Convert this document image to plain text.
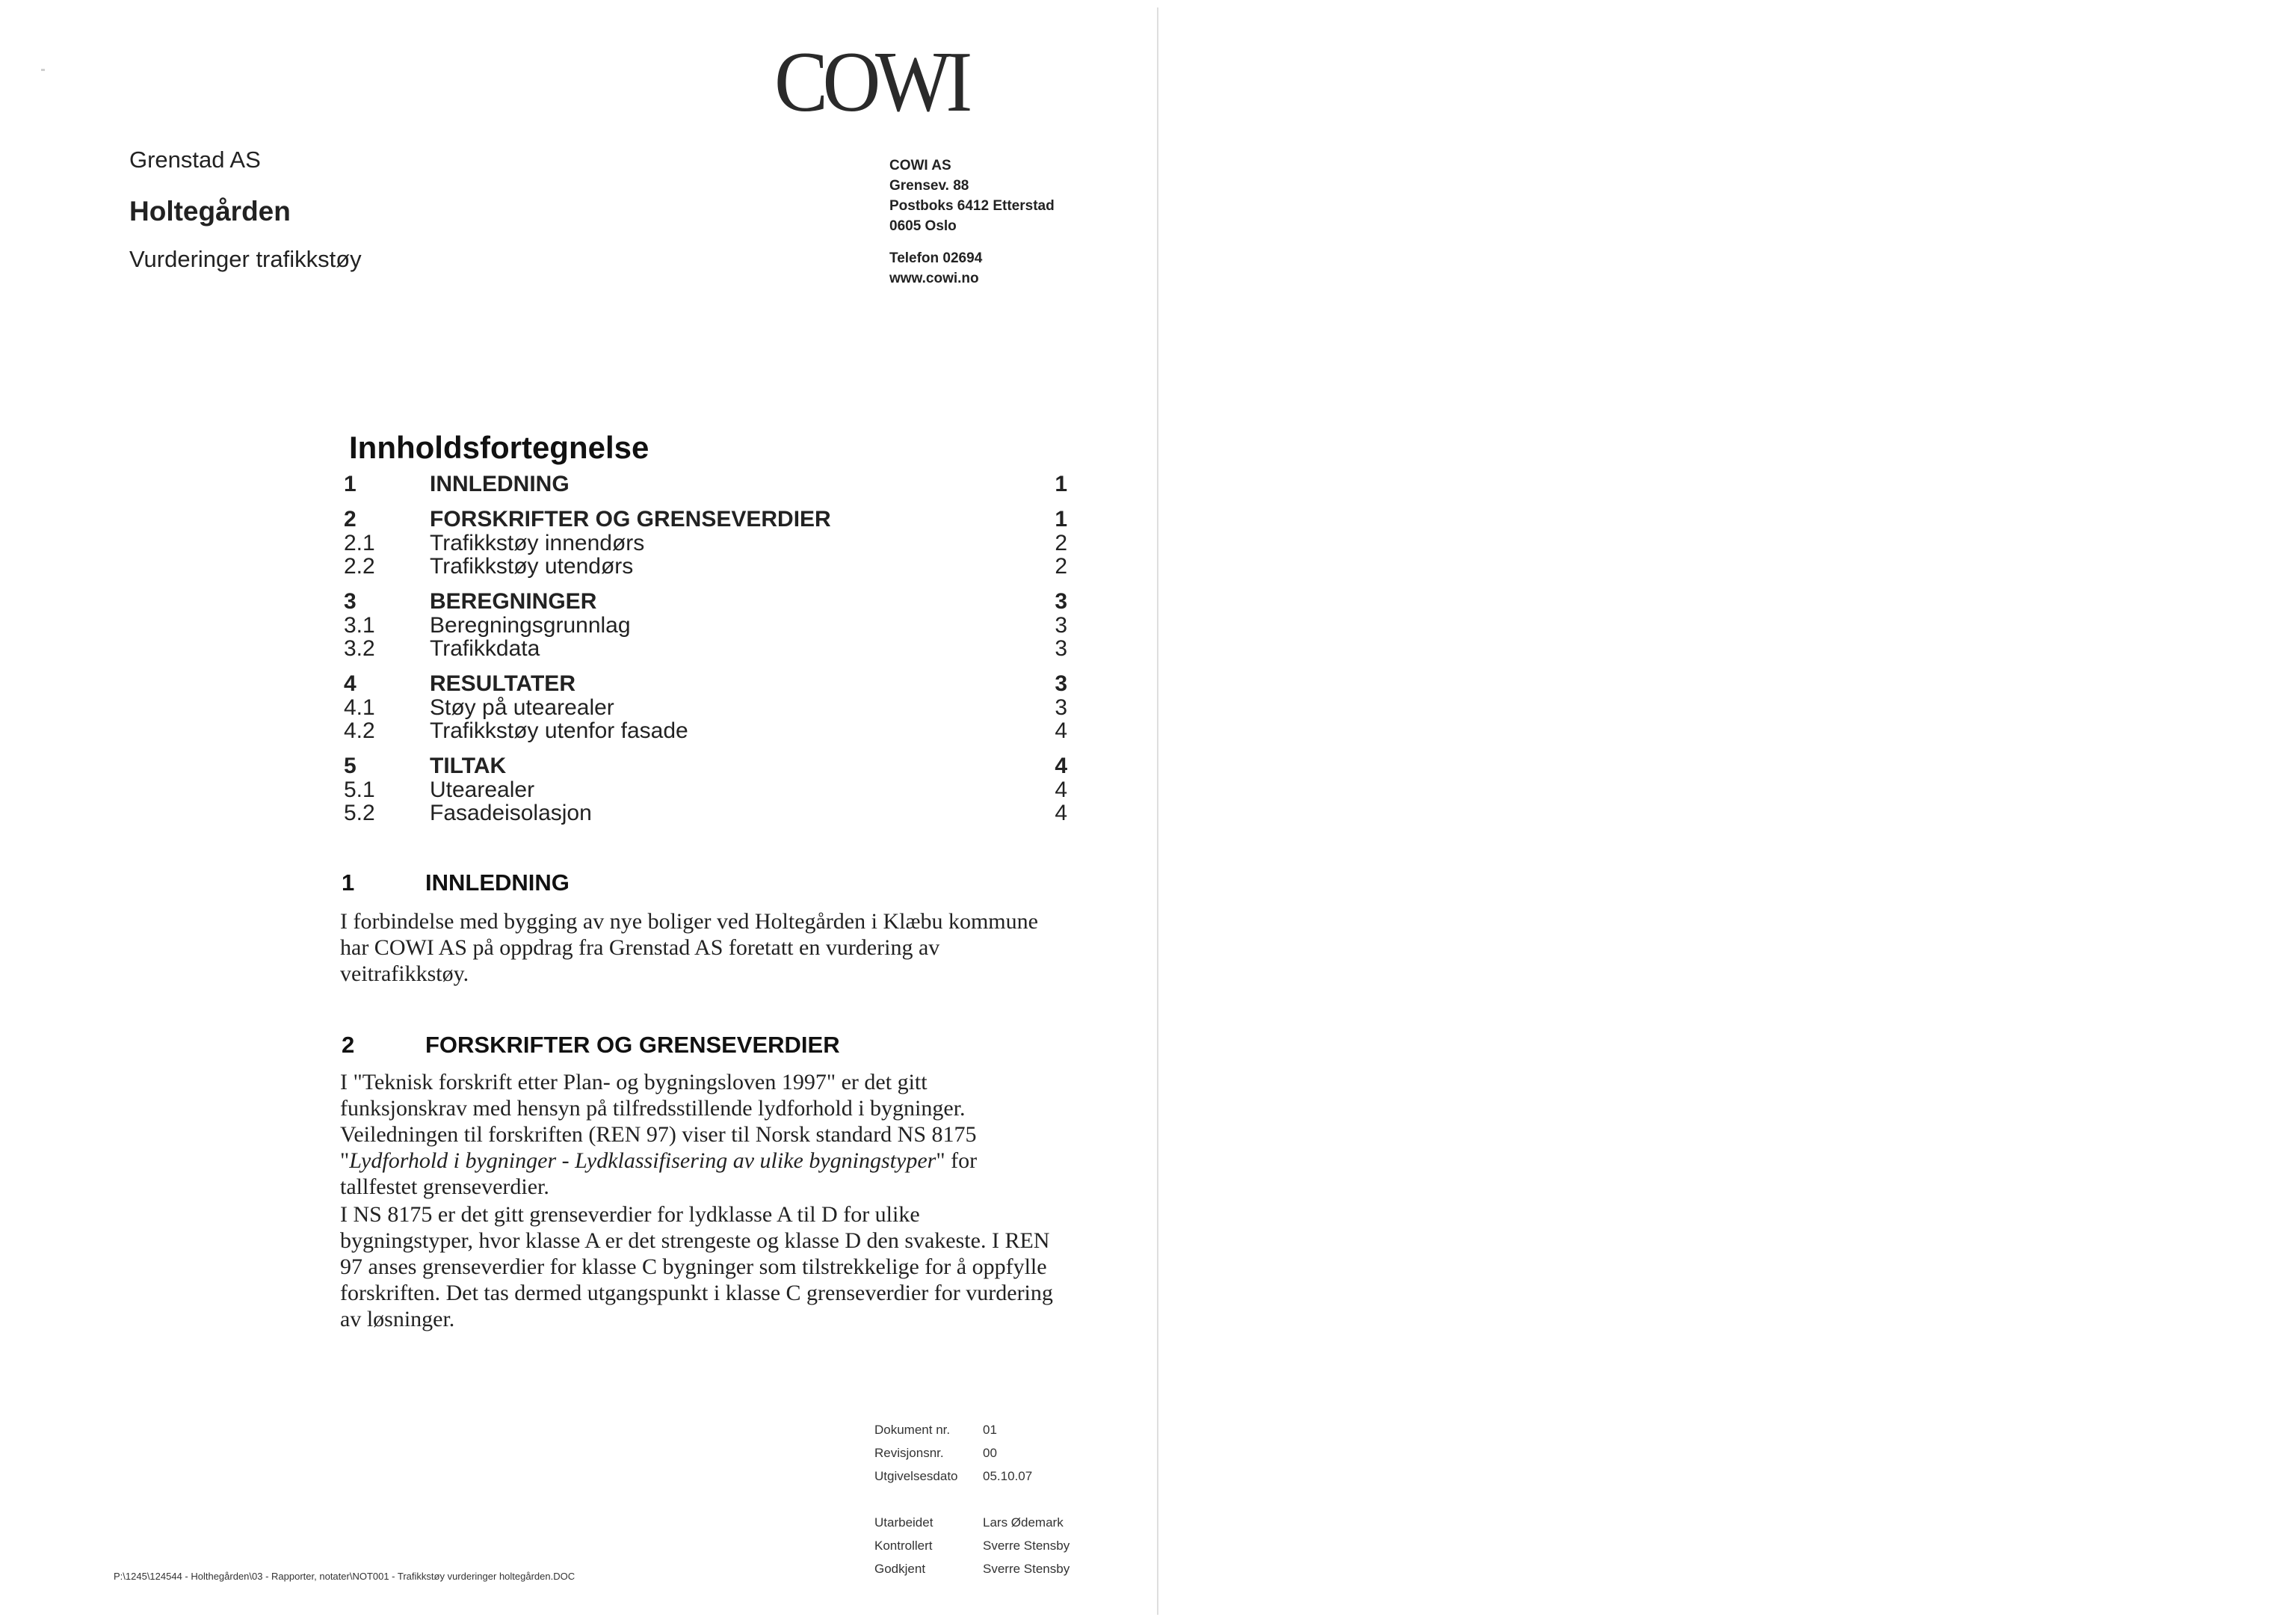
COWI
Grenstad AS
Holtegården
Vurderinger trafikkstøy
COWI AS
Grensev. 88
Postboks 6412 Etterstad
0605 Oslo
Telefon 02694
www.cowi.no
Innholdsfortegnelse
1	INNLEDNING	1
2	FORSKRIFTER OG GRENSEVERDIER	1
2.1 Trafikkstøy innendørs	2
2.2 Trafikkstøy utendørs	2
3	BEREGNINGER	3
3.1 Beregningsgrunnlag	3
3.2 Trafikkdata	3
4	RESULTATER	3
4.1 Støy på utearealer	3
4.2 Trafikkstøy utenfor fasade	4
5	TILTAK	4
5.1 Utearealer	4
5.2 Fasadeisolasjon	4
1	INNLEDNING
I forbindelse med bygging av nye boliger ved Holtegården i Klæbu kommune har COWI AS på oppdrag fra Grenstad AS foretatt en vurdering av veitrafikkstøy.
2	FORSKRIFTER OG GRENSEVERDIER
I "Teknisk forskrift etter Plan- og bygningsloven 1997" er det gitt funksjonskrav med hensyn på tilfredsstillende lydforhold i bygninger. Veiledningen til forskriften (REN 97) viser til Norsk standard NS 8175 "Lydforhold i bygninger - Lydklassifisering av ulike bygningstyper" for tallfestet grenseverdier.
I NS 8175 er det gitt grenseverdier for lydklasse A til D for ulike bygningstyper, hvor klasse A er det strengeste og klasse D den svakeste. I REN 97 anses grenseverdier for klasse C bygninger som tilstrekkelige for å oppfylle forskriften. Det tas dermed utgangspunkt i klasse C grenseverdier for vurdering av løsninger.
Dokument nr.	01
Revisjonsnr.	00
Utgivelsesdato 05.10.07
Utarbeidet	Lars Ødemark
Kontrollert	Sverre Stensby
Godkjent	Sverre Stensby
P:\1245\124544 - Holthegården\03 - Rapporter, notater\NOT001 - Trafikkstøy vurderinger holtegården.DOC
